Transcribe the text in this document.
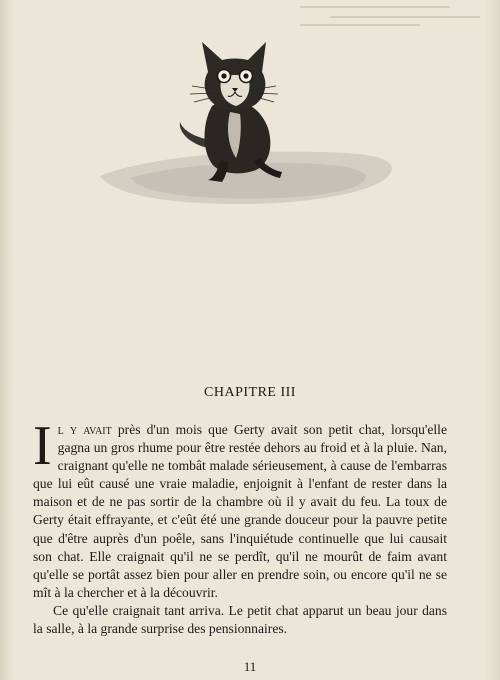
CHAPITRE III

Il y avait près d'un mois que Gerty avait son petit chat, lorsqu'elle gagna un gros rhume pour être restée dehors au froid et à la pluie. Nan, craignant qu'elle ne tombât malade sérieusement, à cause de l'embarras que lui eût causé une vraie maladie, enjoignit à l'enfant de rester dans la maison et de ne pas sortir de la chambre où il y avait du feu. La toux de Gerty était effrayante, et c'eût été une grande douceur pour la pauvre petite que d'être auprès d'un poêle, sans l'inquiétude continuelle que lui causait son chat. Elle craignait qu'il ne se perdît, qu'il ne mourût de faim avant qu'elle se portât assez bien pour aller en prendre soin, ou encore qu'il ne se mît à la chercher et à la découvrir.

Ce qu'elle craignait tant arriva. Le petit chat apparut un beau jour dans la salle, à la grande surprise des pensionnaires.

11
